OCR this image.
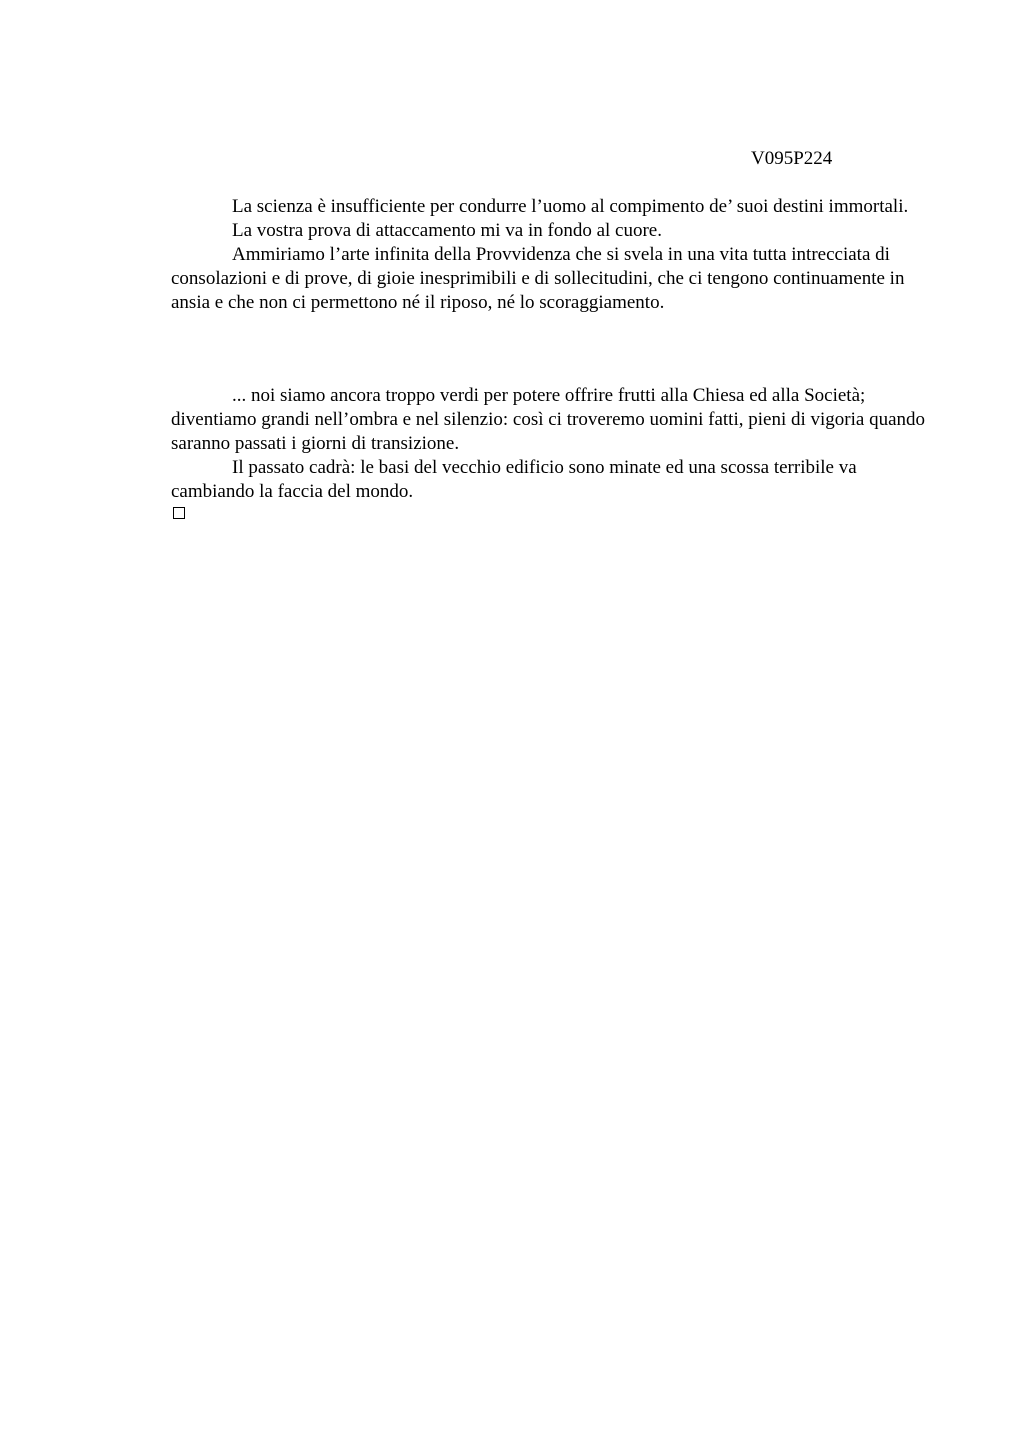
V095P224

La scienza è insufficiente per condurre l’uomo al compimento de’ suoi destini immortali.

La vostra prova di attaccamento mi va in fondo al cuore.

Ammiriamo l’arte infinita della Provvidenza che si svela in una vita tutta intrecciata di consolazioni e di prove, di gioie inesprimibili e di sollecitudini, che ci tengono continuamente in ansia e che non ci permettono né il riposo, né lo scoraggiamento.

... noi siamo ancora troppo verdi per potere offrire frutti alla Chiesa ed alla Società; diventiamo grandi nell’ombra e nel silenzio: così ci troveremo uomini fatti, pieni di vigoria quando saranno passati i giorni di transizione.

Il passato cadrà: le basi del vecchio edificio sono minate ed una scossa terribile va cambiando la faccia del mondo.
